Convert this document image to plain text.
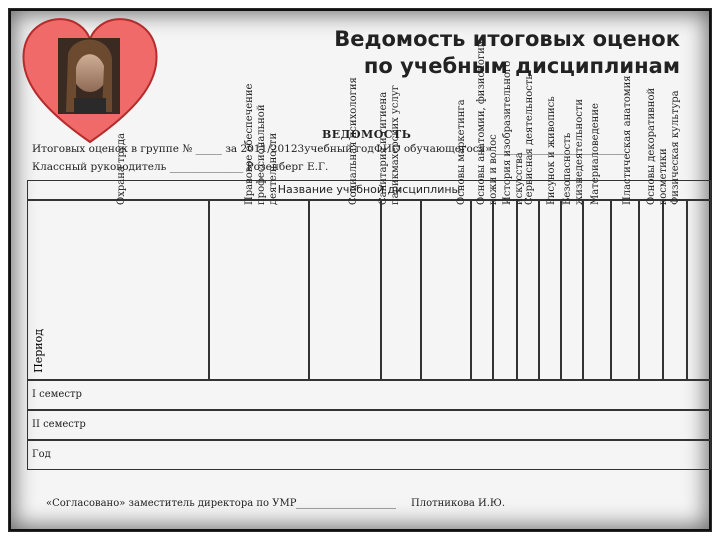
Ведомость итоговых оценок
по учебным дисциплинам
ВЕДОМОСТЬ
Итоговых оценок в группе № _____ за 2011/20123учебный год ФИО обучающегося» _________________________
Классный руководитель ______________ Розенберг Е.Г.
Название учебной дисциплины	Физическая культура
Основы декоративной косметики
Пластическая анатомия
Материаловедение
Безопасность жизнедеятельности
Рисунок и живопись
Сервисная деятельность
История изобразительного искусства
Основы анатомии, физиологии кожи и волос
Основы маркетинга
Санитария и гигиена парикмахерских услуг
Социальная психология
Правовое обеспечение профессиональной деятельности
Охрана труда
Период
I семестр
II семестр
Год
«Согласовано» заместитель директора по УМР ____________________ Плотникова И.Ю.
